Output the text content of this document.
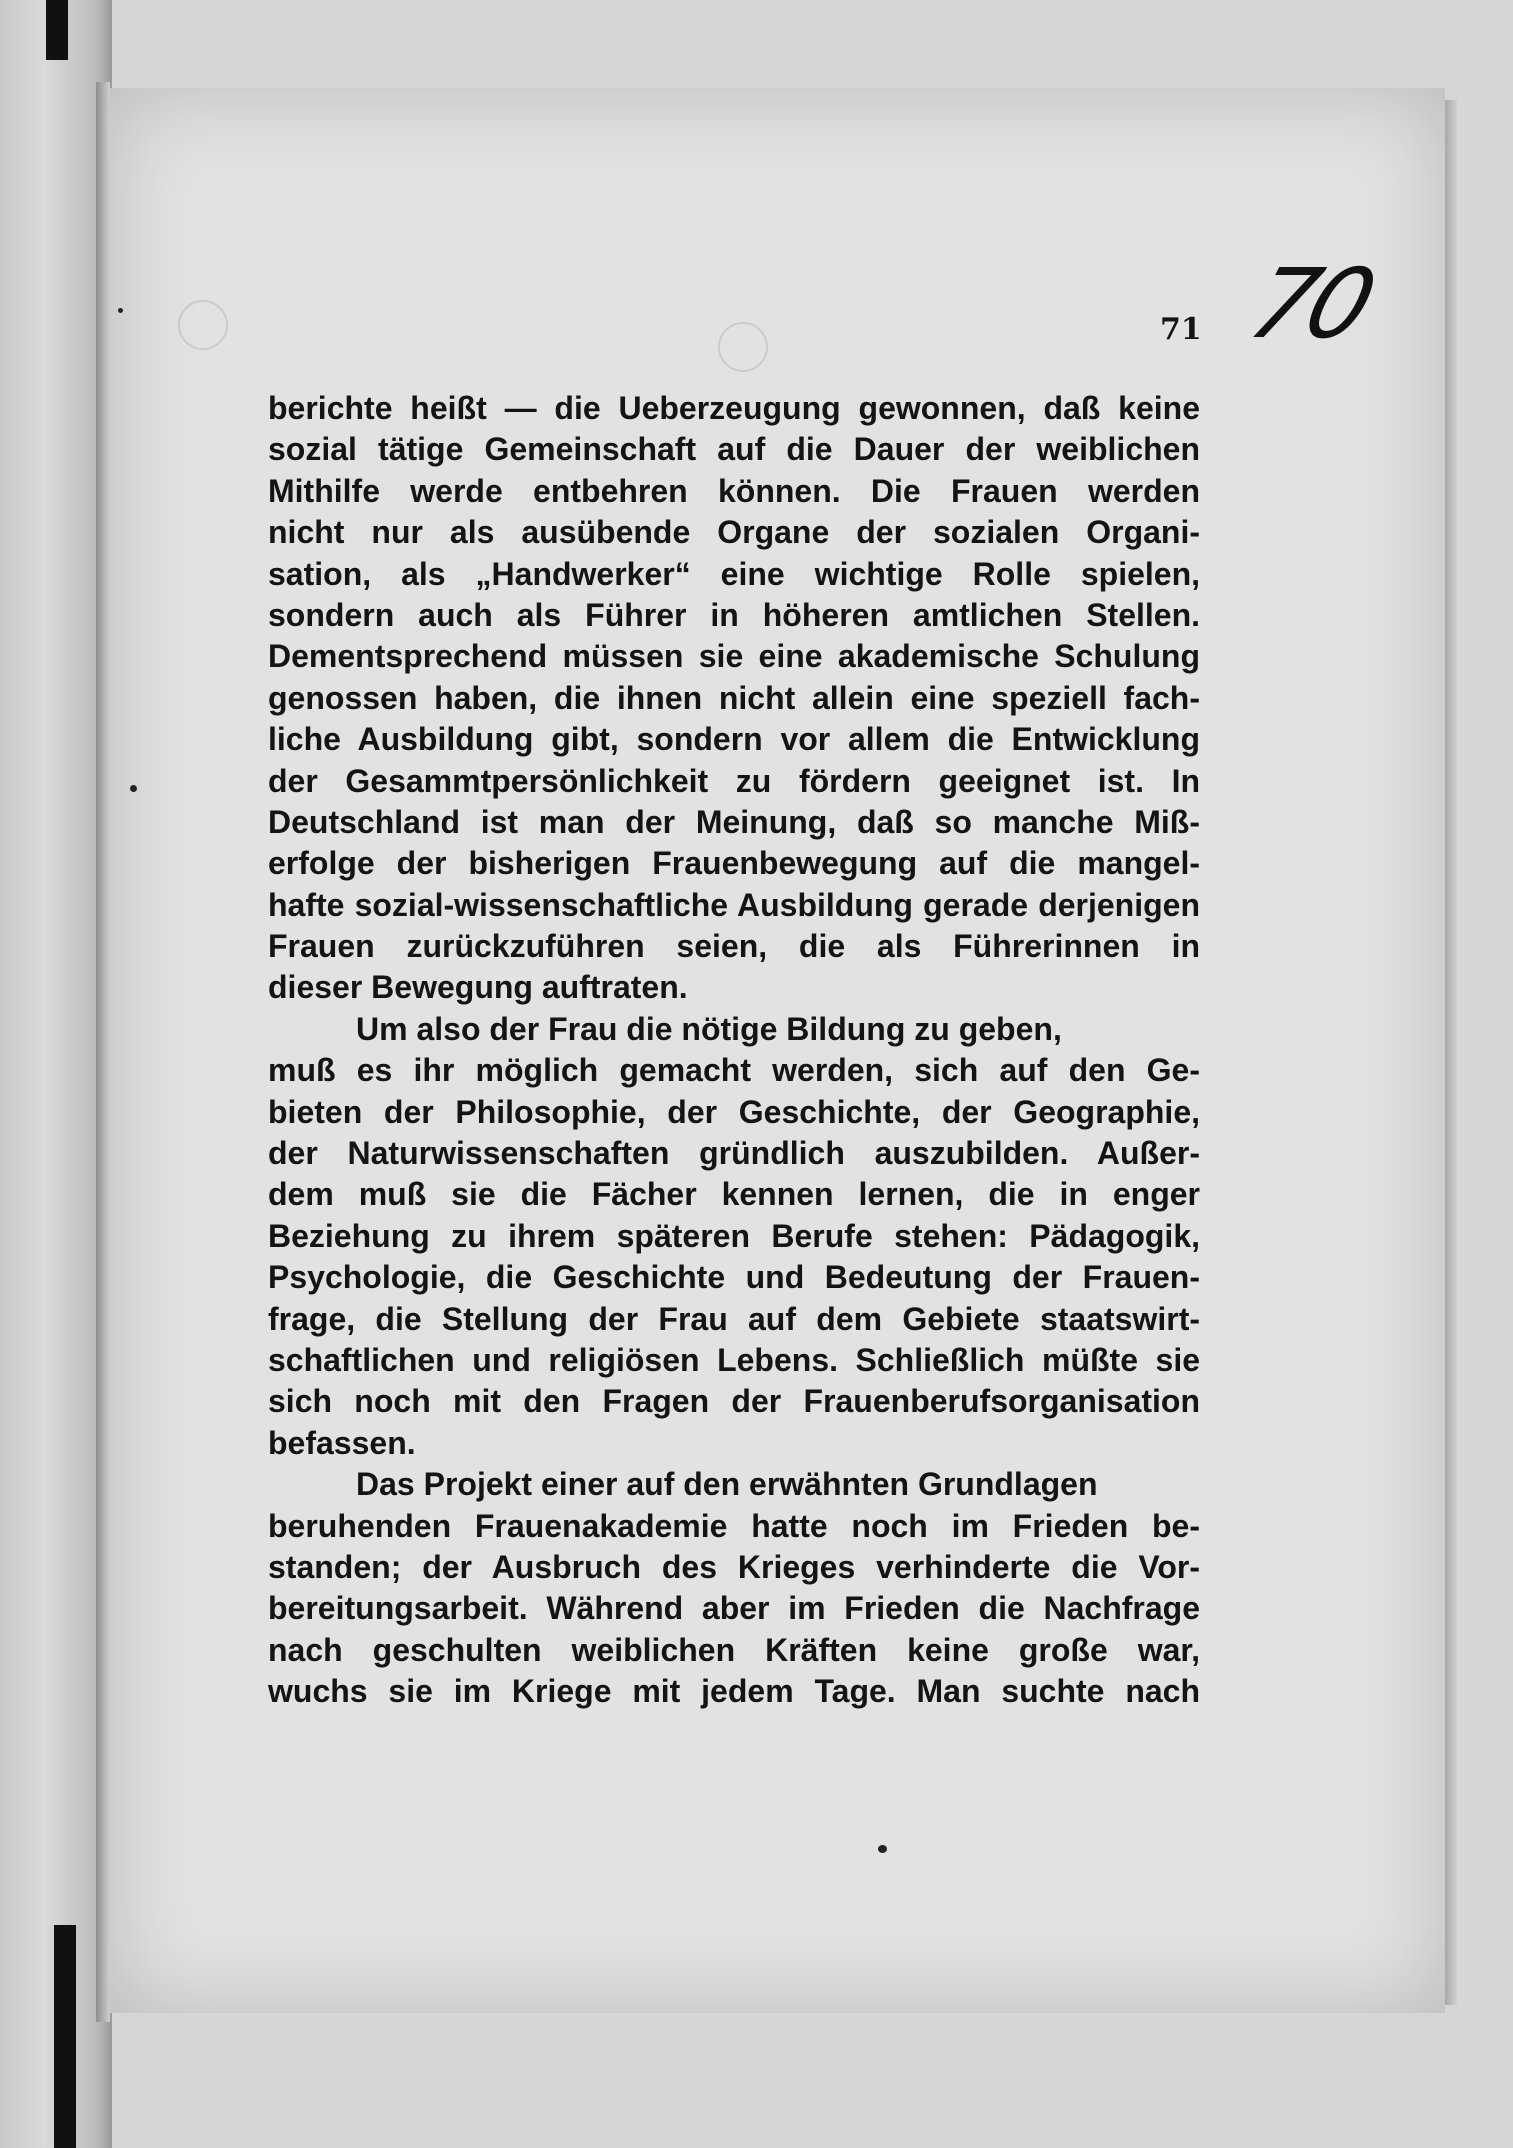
71 70
berichte heißt — die Ueberzeugung gewonnen, daß keine
sozial tätige Gemeinschaft auf die Dauer der weiblichen
Mithilfe werde entbehren können. Die Frauen werden
nicht nur als ausübende Organe der sozialen Organi-
sation, als „Handwerker“ eine wichtige Rolle spielen,
sondern auch als Führer in höheren amtlichen Stellen.
Dementsprechend müssen sie eine akademische Schulung
genossen haben, die ihnen nicht allein eine speziell fach-
liche Ausbildung gibt, sondern vor allem die Entwicklung
der Gesammtpersönlichkeit zu fördern geeignet ist. In
Deutschland ist man der Meinung, daß so manche Miß-
erfolge der bisherigen Frauenbewegung auf die mangel-
hafte sozial-wissenschaftliche Ausbildung gerade derjenigen
Frauen zurückzuführen seien, die als Führerinnen in
dieser Bewegung auftraten.
Um also der Frau die nötige Bildung zu geben,
muß es ihr möglich gemacht werden, sich auf den Ge-
bieten der Philosophie, der Geschichte, der Geographie,
der Naturwissenschaften gründlich auszubilden. Außer-
dem muß sie die Fächer kennen lernen, die in enger
Beziehung zu ihrem späteren Berufe stehen: Pädagogik,
Psychologie, die Geschichte und Bedeutung der Frauen-
frage, die Stellung der Frau auf dem Gebiete staatswirt-
schaftlichen und religiösen Lebens. Schließlich müßte sie
sich noch mit den Fragen der Frauenberufsorganisation
befassen.
Das Projekt einer auf den erwähnten Grundlagen
beruhenden Frauenakademie hatte noch im Frieden be-
standen; der Ausbruch des Krieges verhinderte die Vor-
bereitungsarbeit. Während aber im Frieden die Nachfrage
nach geschulten weiblichen Kräften keine große war,
wuchs sie im Kriege mit jedem Tage. Man suchte nach
